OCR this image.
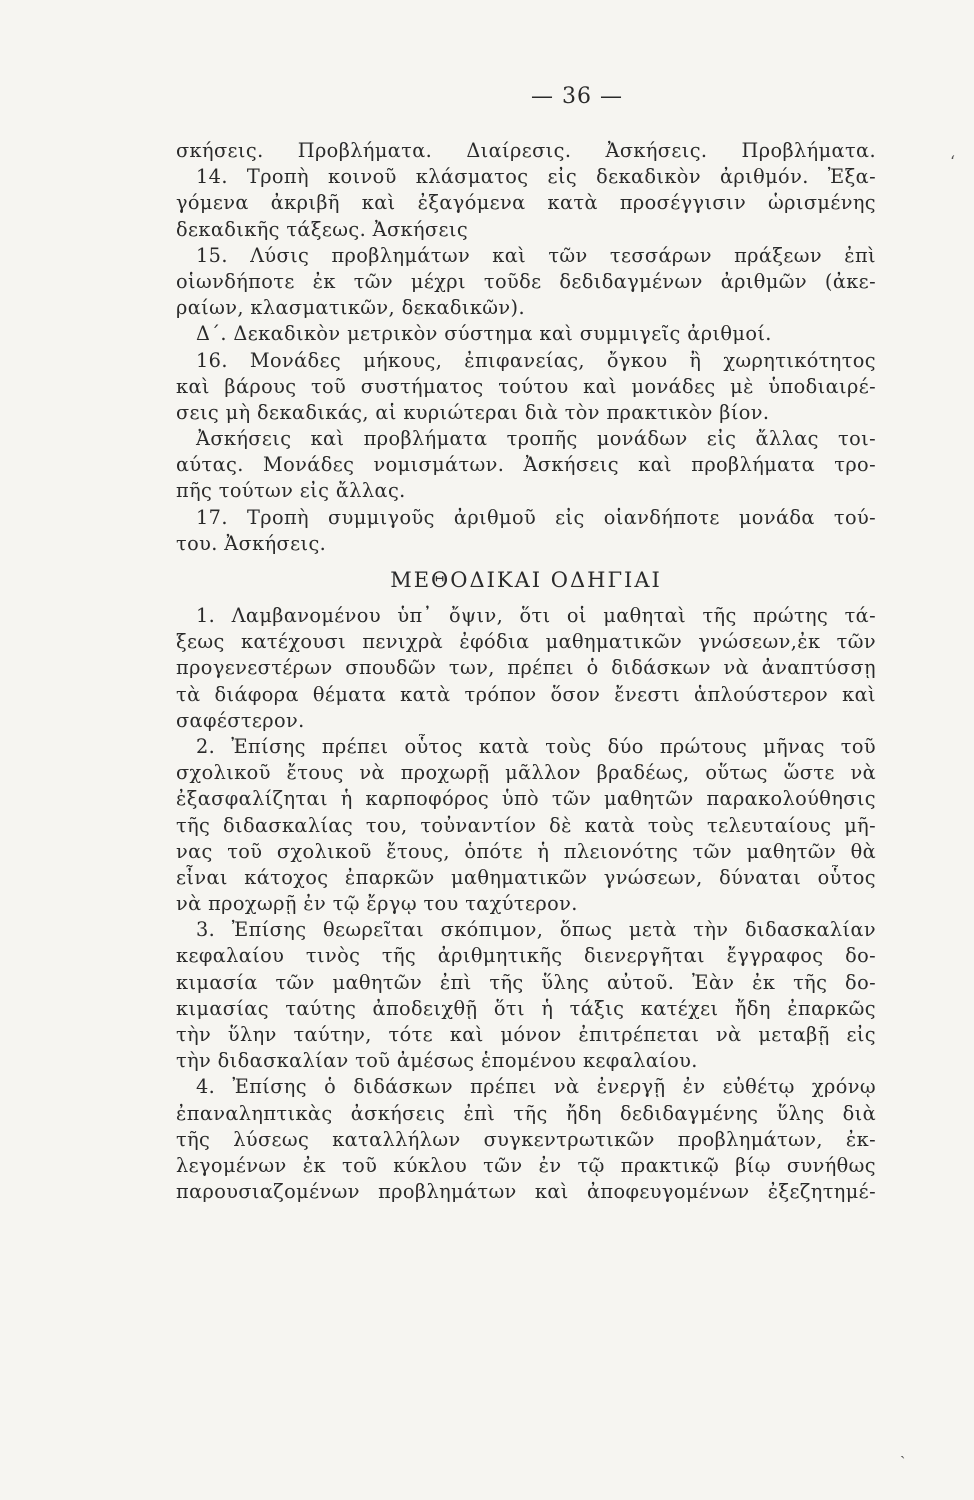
— 36 —
σκήσεις. Προβλήματα. Διαίρεσις. Ἀσκήσεις. Προβλήματα.
14. Τροπὴ κοινοῦ κλάσματος εἰς δεκαδικὸν ἀριθμόν. Ἐξα-
γόμενα ἀκριβῆ καὶ ἐξαγόμενα κατὰ προσέγγισιν ὡρισμένης
δεκαδικῆς τάξεως. Ἀσκήσεις
15. Λύσις προβλημάτων καὶ τῶν τεσσάρων πράξεων ἐπὶ
οἱωνδήποτε ἐκ τῶν μέχρι τοῦδε δεδιδαγμένων ἀριθμῶν (ἀκε-
ραίων, κλασματικῶν, δεκαδικῶν).
Δ΄. Δεκαδικὸν μετρικὸν σύστημα καὶ συμμιγεῖς ἀριθμοί.
16. Μονάδες μήκους, ἐπιφανείας, ὄγκου ἢ χωρητικότητος
καὶ βάρους τοῦ συστήματος τούτου καὶ μονάδες μὲ ὑποδιαιρέ-
σεις μὴ δεκαδικάς, αἱ κυριώτεραι διὰ τὸν πρακτικὸν βίον.
Ἀσκήσεις καὶ προβλήματα τροπῆς μονάδων εἰς ἄλλας τοι-
αύτας. Μονάδες νομισμάτων. Ἀσκήσεις καὶ προβλήματα τρο-
πῆς τούτων εἰς ἄλλας.
17. Τροπὴ συμμιγοῦς ἀριθμοῦ εἰς οἱανδήποτε μονάδα τού-
του. Ἀσκήσεις.
ΜΕΘΟΔΙΚΑΙ ΟΔΗΓΙΑΙ
1. Λαμβανομένου ὑπ᾿ ὄψιν, ὅτι οἱ μαθηταὶ τῆς πρώτης τά-
ξεως κατέχουσι πενιχρὰ ἐφόδια μαθηματικῶν γνώσεων,ἐκ τῶν
προγενεστέρων σπουδῶν των, πρέπει ὁ διδάσκων νὰ ἀναπτύσσῃ
τὰ διάφορα θέματα κατὰ τρόπον ὅσον ἔνεστι ἁπλούστερον καὶ
σαφέστερον.
2. Ἐπίσης πρέπει οὗτος κατὰ τοὺς δύο πρώτους μῆνας τοῦ
σχολικοῦ ἔτους νὰ προχωρῇ μᾶλλον βραδέως, οὕτως ὥστε νὰ
ἐξασφαλίζηται ἡ καρποφόρος ὑπὸ τῶν μαθητῶν παρακολούθησις
τῆς διδασκαλίας του, τοὐναντίον δὲ κατὰ τοὺς τελευταίους μῆ-
νας τοῦ σχολικοῦ ἔτους, ὁπότε ἡ πλειονότης τῶν μαθητῶν θὰ
εἶναι κάτοχος ἐπαρκῶν μαθηματικῶν γνώσεων, δύναται οὗτος
νὰ προχωρῇ ἐν τῷ ἔργῳ του ταχύτερον.
3. Ἐπίσης θεωρεῖται σκόπιμον, ὅπως μετὰ τὴν διδασκαλίαν
κεφαλαίου τινὸς τῆς ἀριθμητικῆς διενεργῆται ἔγγραφος δο-
κιμασία τῶν μαθητῶν ἐπὶ τῆς ὕλης αὐτοῦ. Ἐὰν ἐκ τῆς δο-
κιμασίας ταύτης ἀποδειχθῇ ὅτι ἡ τάξις κατέχει ἤδη ἐπαρκῶς
τὴν ὕλην ταύτην, τότε καὶ μόνον ἐπιτρέπεται νὰ μεταβῇ εἰς
τὴν διδασκαλίαν τοῦ ἀμέσως ἑπομένου κεφαλαίου.
4. Ἐπίσης ὁ διδάσκων πρέπει νὰ ἐνεργῇ ἐν εὐθέτῳ χρόνῳ
ἐπαναληπτικὰς ἀσκήσεις ἐπὶ τῆς ἤδη δεδιδαγμένης ὕλης διὰ
τῆς λύσεως καταλλήλων συγκεντρωτικῶν προβλημάτων, ἐκ-
λεγομένων ἐκ τοῦ κύκλου τῶν ἐν τῷ πρακτικῷ βίῳ συνήθως
παρουσιαζομένων προβλημάτων καὶ ἀποφευγομένων ἐξεζητημέ-
‘
ˎ
